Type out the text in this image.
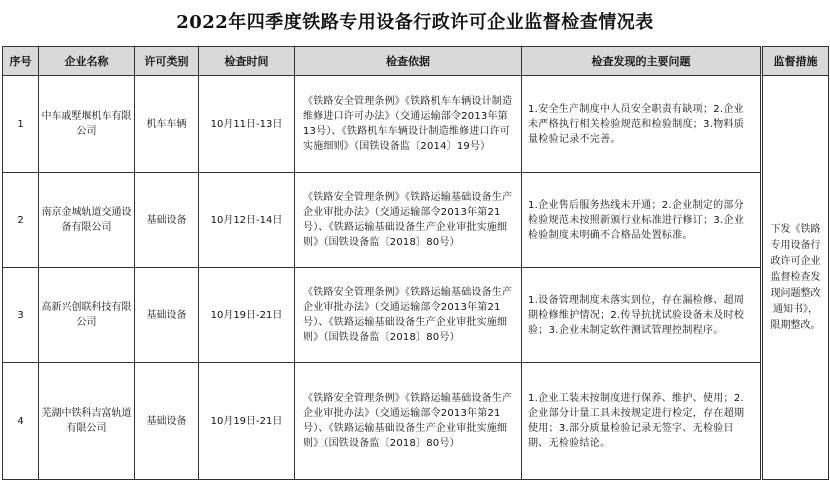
2022年四季度铁路专用设备行政许可企业监督检查情况表
序号	企业名称	许可类别	检查时间	检查依据	检查发现的主要问题	监督措施
1	中车戚墅堰机车有限公司	机车车辆	10月11日-13日	《铁路安全管理条例》《铁路机车车辆设计制造维修进口许可办法》（交通运输部令2013年第13号）、《铁路机车车辆设计制造维修进口许可实施细则》（国铁设备监〔2014〕19号）	1.安全生产制度中人员安全职责有缺项；2.企业未严格执行相关检验规范和检验制度；3.物料质量检验记录不完善。	下发《铁路专用设备行政许可企业监督检查发现问题整改通知书》，限期整改。
2	南京金城轨道交通设备有限公司	基础设备	10月12日-14日	《铁路安全管理条例》《铁路运输基础设备生产企业审批办法》（交通运输部令2013年第21号）、《铁路运输基础设备生产企业审批实施细则》（国铁设备监〔2018〕80号）	1.企业售后服务热线未开通；2.企业制定的部分检验规范未按照新颁行业标准进行修订；3.企业检验制度未明确不合格品处置标准。	
3	高新兴创联科技有限公司	基础设备	10月19日-21日	《铁路安全管理条例》《铁路运输基础设备生产企业审批办法》（交通运输部令2013年第21号）、《铁路运输基础设备生产企业审批实施细则》（国铁设备监〔2018〕80号）	1.设备管理制度未落实到位，存在漏检修、超周期检修维护情况；2.传导抗扰试验设备未及时校验；3.企业未制定软件测试管理控制程序。	
4	芜湖中铁科吉富轨道有限公司	基础设备	10月19日-21日	《铁路安全管理条例》《铁路运输基础设备生产企业审批办法》（交通运输部令2013年第21号）、《铁路运输基础设备生产企业审批实施细则》（国铁设备监〔2018〕80号）	1.企业工装未按制度进行保养、维护、使用；2.企业部分计量工具未按规定进行检定，存在超期使用；3.部分质量检验记录无签字、无检验日期、无检验结论。	
